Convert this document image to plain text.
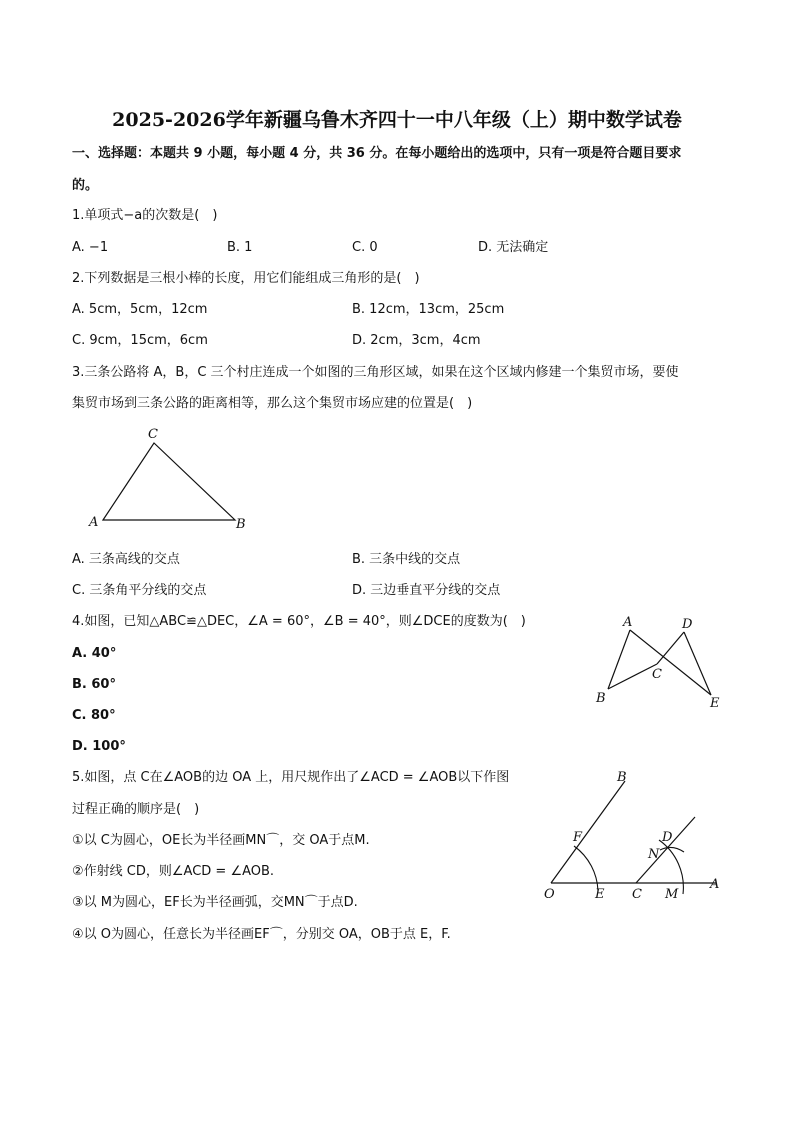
2025-2026学年新疆乌鲁木齐四十一中八年级（上）期中数学试卷
一、选择题：本题共 9 小题，每小题 4 分，共 36 分。在每小题给出的选项中，只有一项是符合题目要求
的。
1.单项式−a的次数是(　)
A. −1	B. 1	C. 0	D. 无法确定
2.下列数据是三根小棒的长度，用它们能组成三角形的是(　)
A. 5cm，5cm，12cm	B. 12cm，13cm，25cm
C. 9cm，15cm，6cm	D. 2cm，3cm，4cm
3.三条公路将 A，B，C 三个村庄连成一个如图的三角形区域，如果在这个区域内修建一个集贸市场，要使
集贸市场到三条公路的距离相等，那么这个集贸市场应建的位置是(　)
C
A	B
A. 三条高线的交点	B. 三条中线的交点
C. 三条角平分线的交点	D. 三边垂直平分线的交点
4.如图，已知△ABC≌△DEC，∠A = 60°，∠B = 40°，则∠DCE的度数为(　)
A. 40°
B. 60°
C. 80°
D. 100°
A	D
C
B	E
5.如图，点 C在∠AOB的边 OA 上，用尺规作出了∠ACD = ∠AOB以下作图
过程正确的顺序是(　)
①以 C为圆心，OE长为半径画MN⌒，交 OA于点M.
②作射线 CD，则∠ACD = ∠AOB.
③以 M为圆心，EF长为半径画弧，交MN⌒于点D.
④以 O为圆心，任意长为半径画EF⌒，分别交 OA，OB于点 E，F.
B
F	D
N
O	E C M
A
